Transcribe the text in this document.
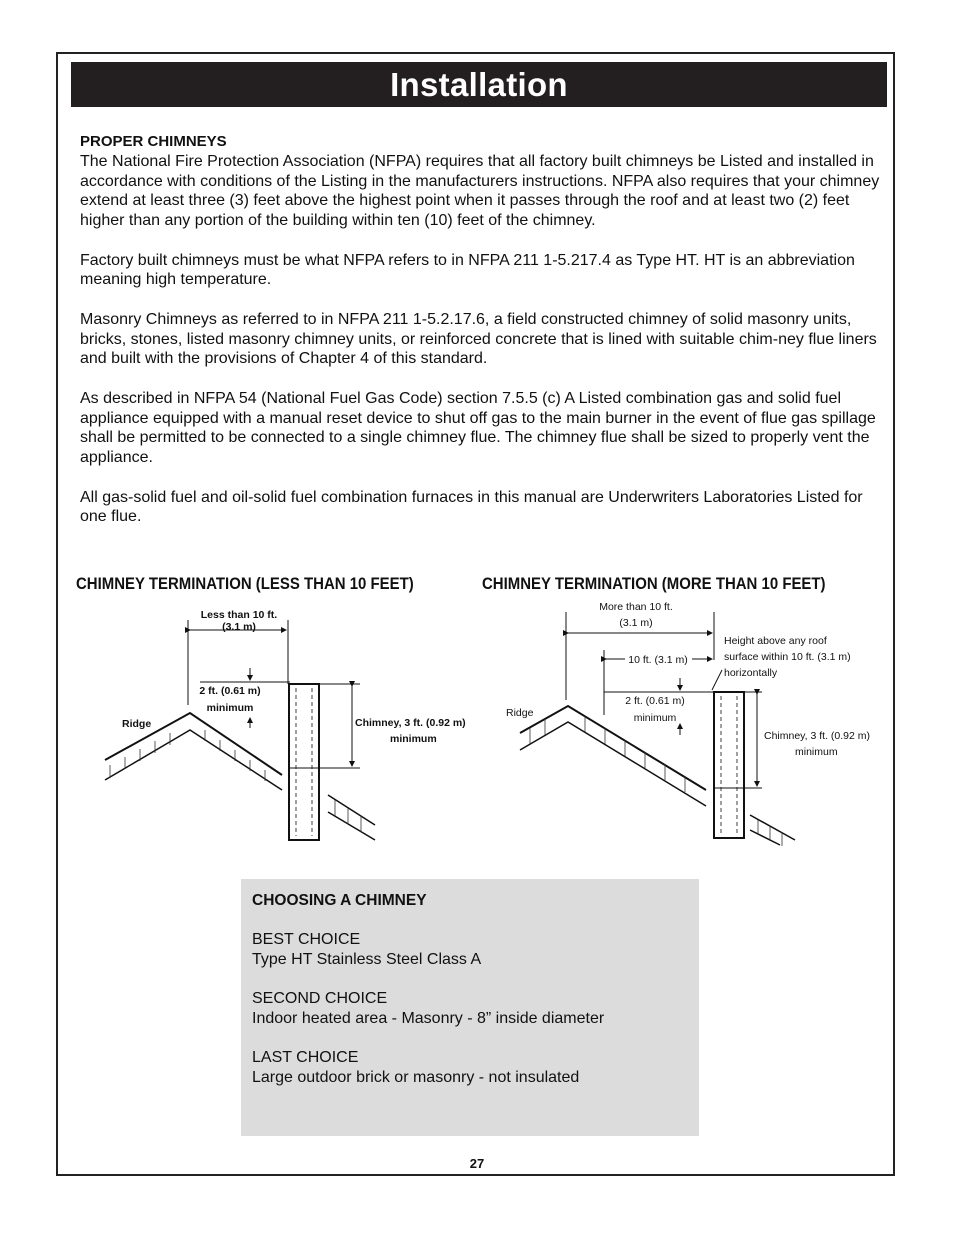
Installation
PROPER CHIMNEYS

The National Fire Protection Association (NFPA) requires that all factory built chimneys be Listed and installed in accordance with conditions of the Listing in the manufacturers instructions. NFPA also requires that your chimney extend at least three (3) feet above the highest point when it passes through the roof and at least two (2) feet higher than any portion of the building within ten (10) feet of the chimney.

Factory built chimneys must be what NFPA refers to in NFPA 211 1-5.217.4 as Type HT. HT is an abbreviation meaning high temperature.

Masonry Chimneys as referred to in NFPA 211 1-5.2.17.6, a field constructed chimney of solid masonry units, bricks, stones, listed masonry chimney units, or reinforced concrete that is lined with suitable chim-ney flue liners and built with the provisions of Chapter 4 of this standard.

As described in NFPA 54 (National Fuel Gas Code) section 7.5.5 (c) A Listed combination gas and solid fuel appliance equipped with a manual reset device to shut off gas to the main burner in the event of flue gas spillage shall be permitted to be connected to a single chimney flue. The chimney flue shall be sized to properly vent the appliance.

All gas-solid fuel and oil-solid fuel combination furnaces in this manual are Underwriters Laboratories Listed for one flue.

CHIMNEY TERMINATION (LESS THAN 10 FEET)
Less than 10 ft.
(3.1 m)
2 ft. (0.61 m)
minimum
Ridge	Chimney, 3 ft. (0.92 m)
minimum
CHIMNEY TERMINATION (MORE THAN 10 FEET)
More than 10 ft.
(3.1 m)
10 ft. (3.1 m)
Height above any roof
surface within 10 ft. (3.1 m)
horizontally
2 ft. (0.61 m)
minimum
Ridge
Chimney, 3 ft. (0.92 m)
minimum
CHOOSING A CHIMNEY
BEST CHOICE
Type HT Stainless Steel Class A
SECOND CHOICE
Indoor heated area - Masonry - 8” inside diameter
LAST CHOICE
Large outdoor brick or masonry - not insulated
27
